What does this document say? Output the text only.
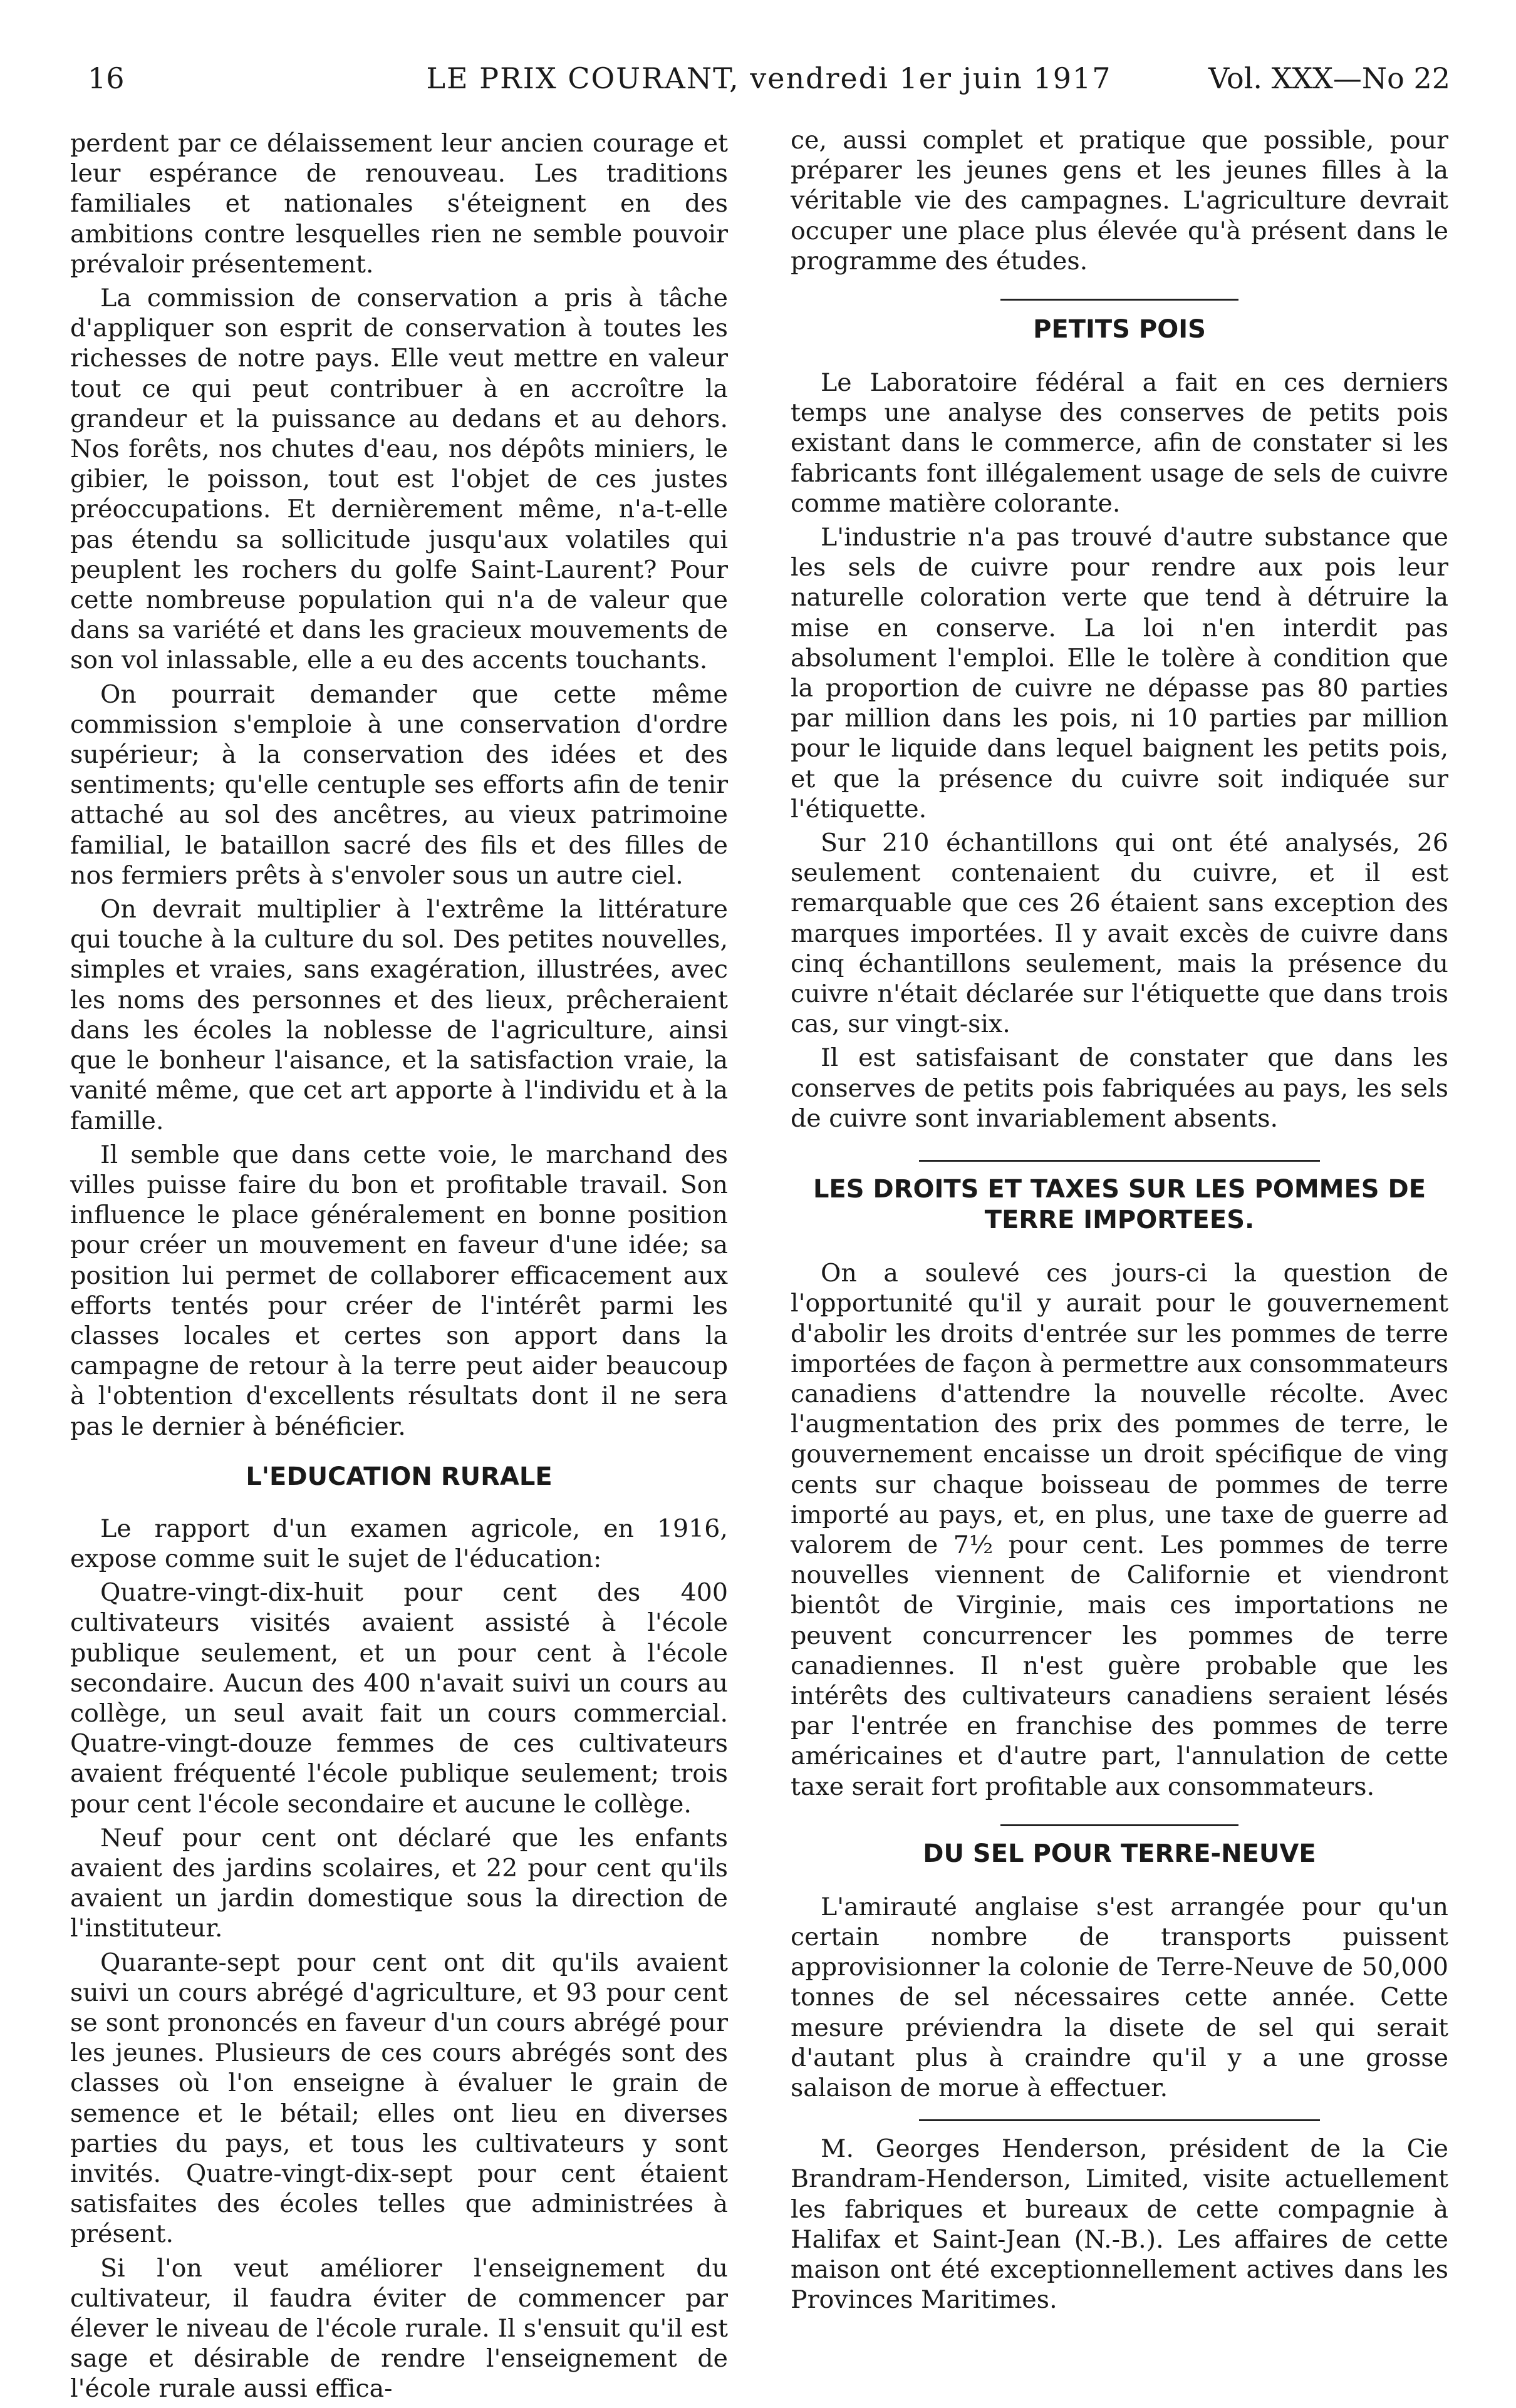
16	LE PRIX COURANT, vendredi 1er juin 1917	Vol. XXX—No 22

perdent par ce délaissement leur ancien courage et leur espérance de renouveau. Les traditions familiales et nationales s'éteignent en des ambitions contre lesquelles rien ne semble pouvoir prévaloir présentement.

La commission de conservation a pris à tâche d'appliquer son esprit de conservation à toutes les richesses de notre pays. Elle veut mettre en valeur tout ce qui peut contribuer à en accroître la grandeur et la puissance au dedans et au dehors. Nos forêts, nos chutes d'eau, nos dépôts miniers, le gibier, le poisson, tout est l'objet de ces justes préoccupations. Et dernièrement même, n'a-t-elle pas étendu sa sollicitude jusqu'aux volatiles qui peuplent les rochers du golfe Saint-Laurent? Pour cette nombreuse population qui n'a de valeur que dans sa variété et dans les gracieux mouvements de son vol inlassable, elle a eu des accents touchants.

On pourrait demander que cette même commission s'emploie à une conservation d'ordre supérieur; à la conservation des idées et des sentiments; qu'elle centuple ses efforts afin de tenir attaché au sol des ancêtres, au vieux patrimoine familial, le bataillon sacré des fils et des filles de nos fermiers prêts à s'envoler sous un autre ciel.

On devrait multiplier à l'extrême la littérature qui touche à la culture du sol. Des petites nouvelles, simples et vraies, sans exagération, illustrées, avec les noms des personnes et des lieux, prêcheraient dans les écoles la noblesse de l'agriculture, ainsi que le bonheur l'aisance, et la satisfaction vraie, la vanité même, que cet art apporte à l'individu et à la famille.

Il semble que dans cette voie, le marchand des villes puisse faire du bon et profitable travail. Son influence le place généralement en bonne position pour créer un mouvement en faveur d'une idée; sa position lui permet de collaborer efficacement aux efforts tentés pour créer de l'intérêt parmi les classes locales et certes son apport dans la campagne de retour à la terre peut aider beaucoup à l'obtention d'excellents résultats dont il ne sera pas le dernier à bénéficier.

L'EDUCATION RURALE

Le rapport d'un examen agricole, en 1916, expose comme suit le sujet de l'éducation:

Quatre-vingt-dix-huit pour cent des 400 cultivateurs visités avaient assisté à l'école publique seulement, et un pour cent à l'école secondaire. Aucun des 400 n'avait suivi un cours au collège, un seul avait fait un cours commercial. Quatre-vingt-douze femmes de ces cultivateurs avaient fréquenté l'école publique seulement; trois pour cent l'école secondaire et aucune le collège.

Neuf pour cent ont déclaré que les enfants avaient des jardins scolaires, et 22 pour cent qu'ils avaient un jardin domestique sous la direction de l'instituteur.

Quarante-sept pour cent ont dit qu'ils avaient suivi un cours abrégé d'agriculture, et 93 pour cent se sont prononcés en faveur d'un cours abrégé pour les jeunes. Plusieurs de ces cours abrégés sont des classes où l'on enseigne à évaluer le grain de semence et le bétail; elles ont lieu en diverses parties du pays, et tous les cultivateurs y sont invités. Quatre-vingt-dix-sept pour cent étaient satisfaites des écoles telles que administrées à présent.

Si l'on veut améliorer l'enseignement du cultivateur, il faudra éviter de commencer par élever le niveau de l'école rurale. Il s'ensuit qu'il est sage et désirable de rendre l'enseignement de l'école rurale aussi effica-

ce, aussi complet et pratique que possible, pour préparer les jeunes gens et les jeunes filles à la véritable vie des campagnes. L'agriculture devrait occuper une place plus élevée qu'à présent dans le programme des études.

PETITS POIS

Le Laboratoire fédéral a fait en ces derniers temps une analyse des conserves de petits pois existant dans le commerce, afin de constater si les fabricants font illégalement usage de sels de cuivre comme matière colorante.

L'industrie n'a pas trouvé d'autre substance que les sels de cuivre pour rendre aux pois leur naturelle coloration verte que tend à détruire la mise en conserve. La loi n'en interdit pas absolument l'emploi. Elle le tolère à condition que la proportion de cuivre ne dépasse pas 80 parties par million dans les pois, ni 10 parties par million pour le liquide dans lequel baignent les petits pois, et que la présence du cuivre soit indiquée sur l'étiquette.

Sur 210 échantillons qui ont été analysés, 26 seulement contenaient du cuivre, et il est remarquable que ces 26 étaient sans exception des marques importées. Il y avait excès de cuivre dans cinq échantillons seulement, mais la présence du cuivre n'était déclarée sur l'étiquette que dans trois cas, sur vingt-six.

Il est satisfaisant de constater que dans les conserves de petits pois fabriquées au pays, les sels de cuivre sont invariablement absents.

LES DROITS ET TAXES SUR LES POMMES DE TERRE IMPORTEES.

On a soulevé ces jours-ci la question de l'opportunité qu'il y aurait pour le gouvernement d'abolir les droits d'entrée sur les pommes de terre importées de façon à permettre aux consommateurs canadiens d'attendre la nouvelle récolte. Avec l'augmentation des prix des pommes de terre, le gouvernement encaisse un droit spécifique de ving cents sur chaque boisseau de pommes de terre importé au pays, et, en plus, une taxe de guerre ad valorem de 7½ pour cent. Les pommes de terre nouvelles viennent de Californie et viendront bientôt de Virginie, mais ces importations ne peuvent concurrencer les pommes de terre canadiennes. Il n'est guère probable que les intérêts des cultivateurs canadiens seraient lésés par l'entrée en franchise des pommes de terre américaines et d'autre part, l'annulation de cette taxe serait fort profitable aux consommateurs.

DU SEL POUR TERRE-NEUVE

L'amirauté anglaise s'est arrangée pour qu'un certain nombre de transports puissent approvisionner la colonie de Terre-Neuve de 50,000 tonnes de sel nécessaires cette année. Cette mesure préviendra la disete de sel qui serait d'autant plus à craindre qu'il y a une grosse salaison de morue à effectuer.

M. Georges Henderson, président de la Cie Brandram-Henderson, Limited, visite actuellement les fabriques et bureaux de cette compagnie à Halifax et Saint-Jean (N.-B.). Les affaires de cette maison ont été exceptionnellement actives dans les Provinces Maritimes.
